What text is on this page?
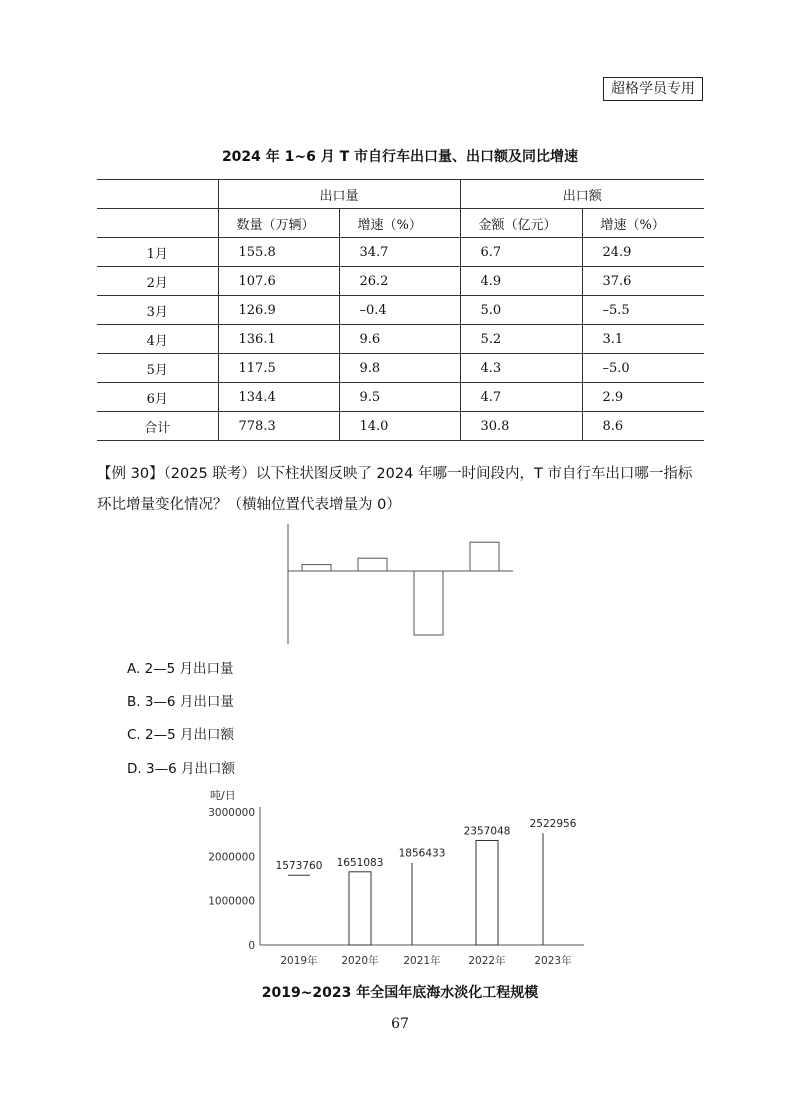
超格学员专用
2024 年 1~6 月 T 市自行车出口量、出口额及同比增速
	出口量		出口额	
	数量（万辆）	增速（%）	金额（亿元）	增速（%）
1月	155.8	34.7	6.7	24.9
2月	107.6	26.2	4.9	37.6
3月	126.9	–0.4	5.0	–5.5
4月	136.1	9.6	5.2	3.1
5月	117.5	9.8	4.3	–5.0
6月	134.4	9.5	4.7	2.9
合计	778.3	14.0	30.8	8.6
【例 30】（2025 联考）以下柱状图反映了 2024 年哪一时间段内，T 市自行车出口哪一指标环比增量变化情况？（横轴位置代表增量为 0）
A. 2—5 月出口量
B. 3—6 月出口量
C. 2—5 月出口额
D. 3—6 月出口额
吨/日
0
1000000
2000000
3000000
1573760
2019年
1651083
2020年
1856433
2021年
2357048
2022年
2522956
2023年
2019~2023 年全国年底海水淡化工程规模
67
